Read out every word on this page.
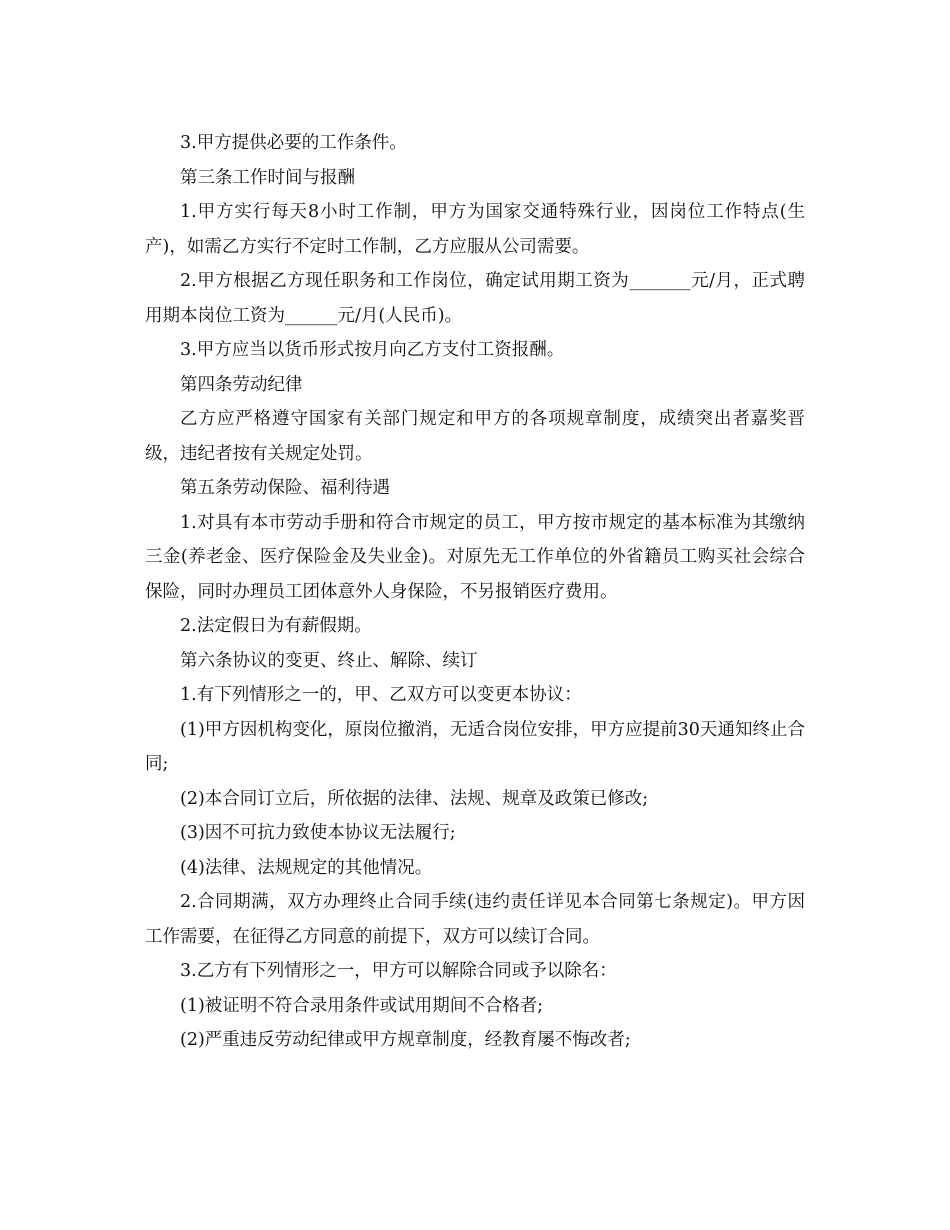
3.甲方提供必要的工作条件。

第三条工作时间与报酬

1.甲方实行每天8小时工作制，甲方为国家交通特殊行业，因岗位工作特点(生产)，如需乙方实行不定时工作制，乙方应服从公司需要。

2.甲方根据乙方现任职务和工作岗位，确定试用期工资为_______元/月，正式聘用期本岗位工资为______元/月(人民币)。

3.甲方应当以货币形式按月向乙方支付工资报酬。

第四条劳动纪律

乙方应严格遵守国家有关部门规定和甲方的各项规章制度，成绩突出者嘉奖晋级，违纪者按有关规定处罚。

第五条劳动保险、福利待遇

1.对具有本市劳动手册和符合市规定的员工，甲方按市规定的基本标准为其缴纳三金(养老金、医疗保险金及失业金)。对原先无工作单位的外省籍员工购买社会综合保险，同时办理员工团体意外人身保险，不另报销医疗费用。

2.法定假日为有薪假期。

第六条协议的变更、终止、解除、续订

1.有下列情形之一的，甲、乙双方可以变更本协议：

(1)甲方因机构变化，原岗位撤消，无适合岗位安排，甲方应提前30天通知终止合同;

(2)本合同订立后，所依据的法律、法规、规章及政策已修改;

(3)因不可抗力致使本协议无法履行;

(4)法律、法规规定的其他情况。

2.合同期满，双方办理终止合同手续(违约责任详见本合同第七条规定)。甲方因工作需要，在征得乙方同意的前提下，双方可以续订合同。

3.乙方有下列情形之一，甲方可以解除合同或予以除名：

(1)被证明不符合录用条件或试用期间不合格者;

(2)严重违反劳动纪律或甲方规章制度，经教育屡不悔改者;
